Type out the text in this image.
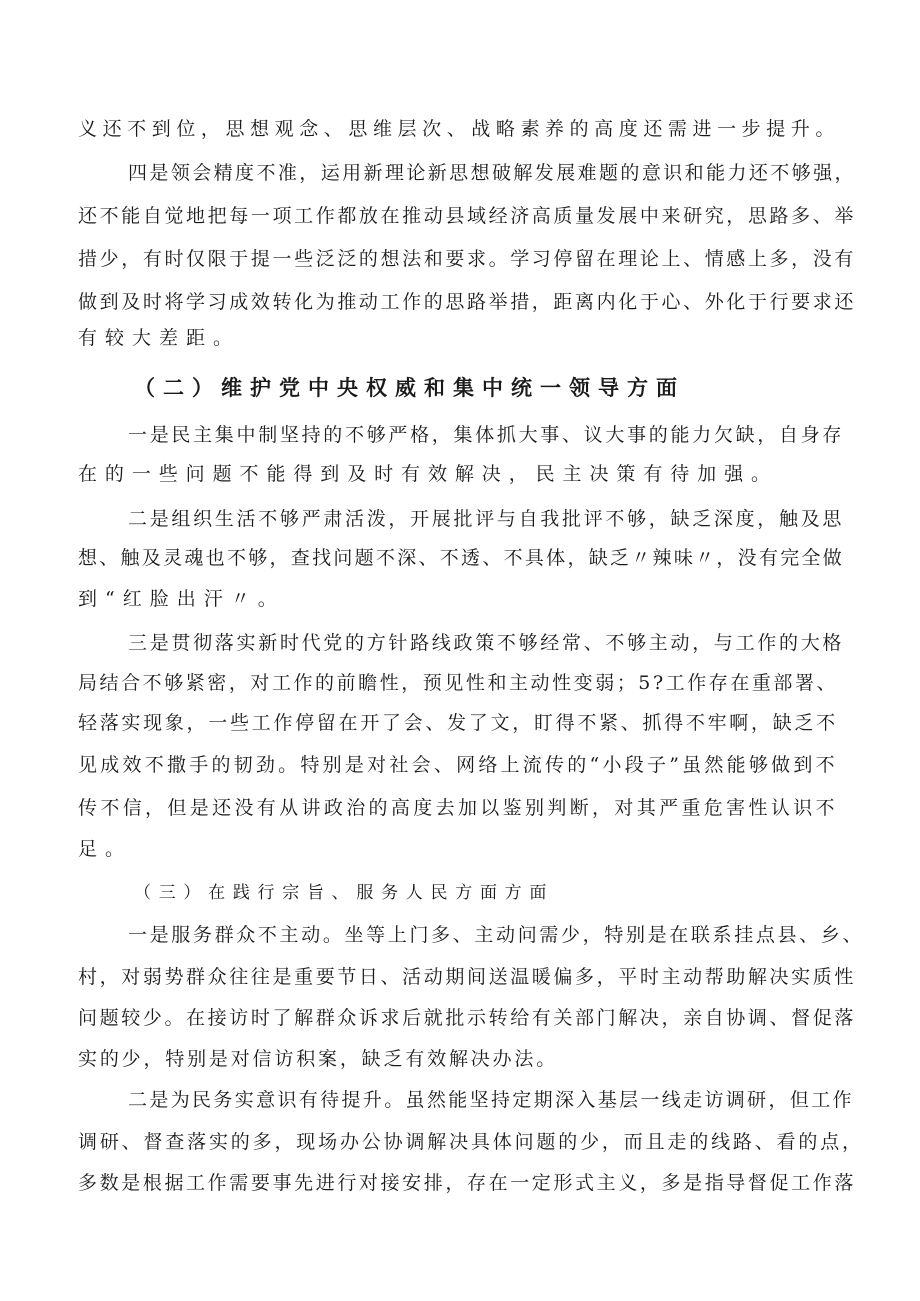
义还不到位，思想观念、思维层次、战略素养的高度还需进一步提升。
四是领会精度不准，运用新理论新思想破解发展难题的意识和能力还不够强，
还不能自觉地把每一项工作都放在推动县域经济高质量发展中来研究，思路多、举
措少，有时仅限于提一些泛泛的想法和要求。学习停留在理论上、情感上多，没有
做到及时将学习成效转化为推动工作的思路举措，距离内化于心、外化于行要求还
有较大差距。
（二）维护党中央权威和集中统一领导方面
一是民主集中制坚持的不够严格，集体抓大事、议大事的能力欠缺，自身存
在的一些问题不能得到及时有效解决，民主决策有待加强。
二是组织生活不够严肃活泼，开展批评与自我批评不够，缺乏深度，触及思
想、触及灵魂也不够，查找问题不深、不透、不具体，缺乏〃辣味〃，没有完全做
到“红脸出汗〃。
三是贯彻落实新时代党的方针路线政策不够经常、不够主动，与工作的大格
局结合不够紧密，对工作的前瞻性，预见性和主动性变弱；5?工作存在重部署、
轻落实现象，一些工作停留在开了会、发了文，盯得不紧、抓得不牢啊，缺乏不
见成效不撒手的韧劲。特别是对社会、网络上流传的“小段子”虽然能够做到不
传不信，但是还没有从讲政治的高度去加以鉴别判断，对其严重危害性认识不
足。
（三）在践行宗旨、服务人民方面方面
一是服务群众不主动。坐等上门多、主动问需少，特别是在联系挂点县、乡、
村，对弱势群众往往是重要节日、活动期间送温暖偏多，平时主动帮助解决实质性
问题较少。在接访时了解群众诉求后就批示转给有关部门解决，亲自协调、督促落
实的少，特别是对信访积案，缺乏有效解决办法。
二是为民务实意识有待提升。虽然能坚持定期深入基层一线走访调研，但工作
调研、督查落实的多，现场办公协调解决具体问题的少，而且走的线路、看的点，
多数是根据工作需要事先进行对接安排，存在一定形式主义，多是指导督促工作落
